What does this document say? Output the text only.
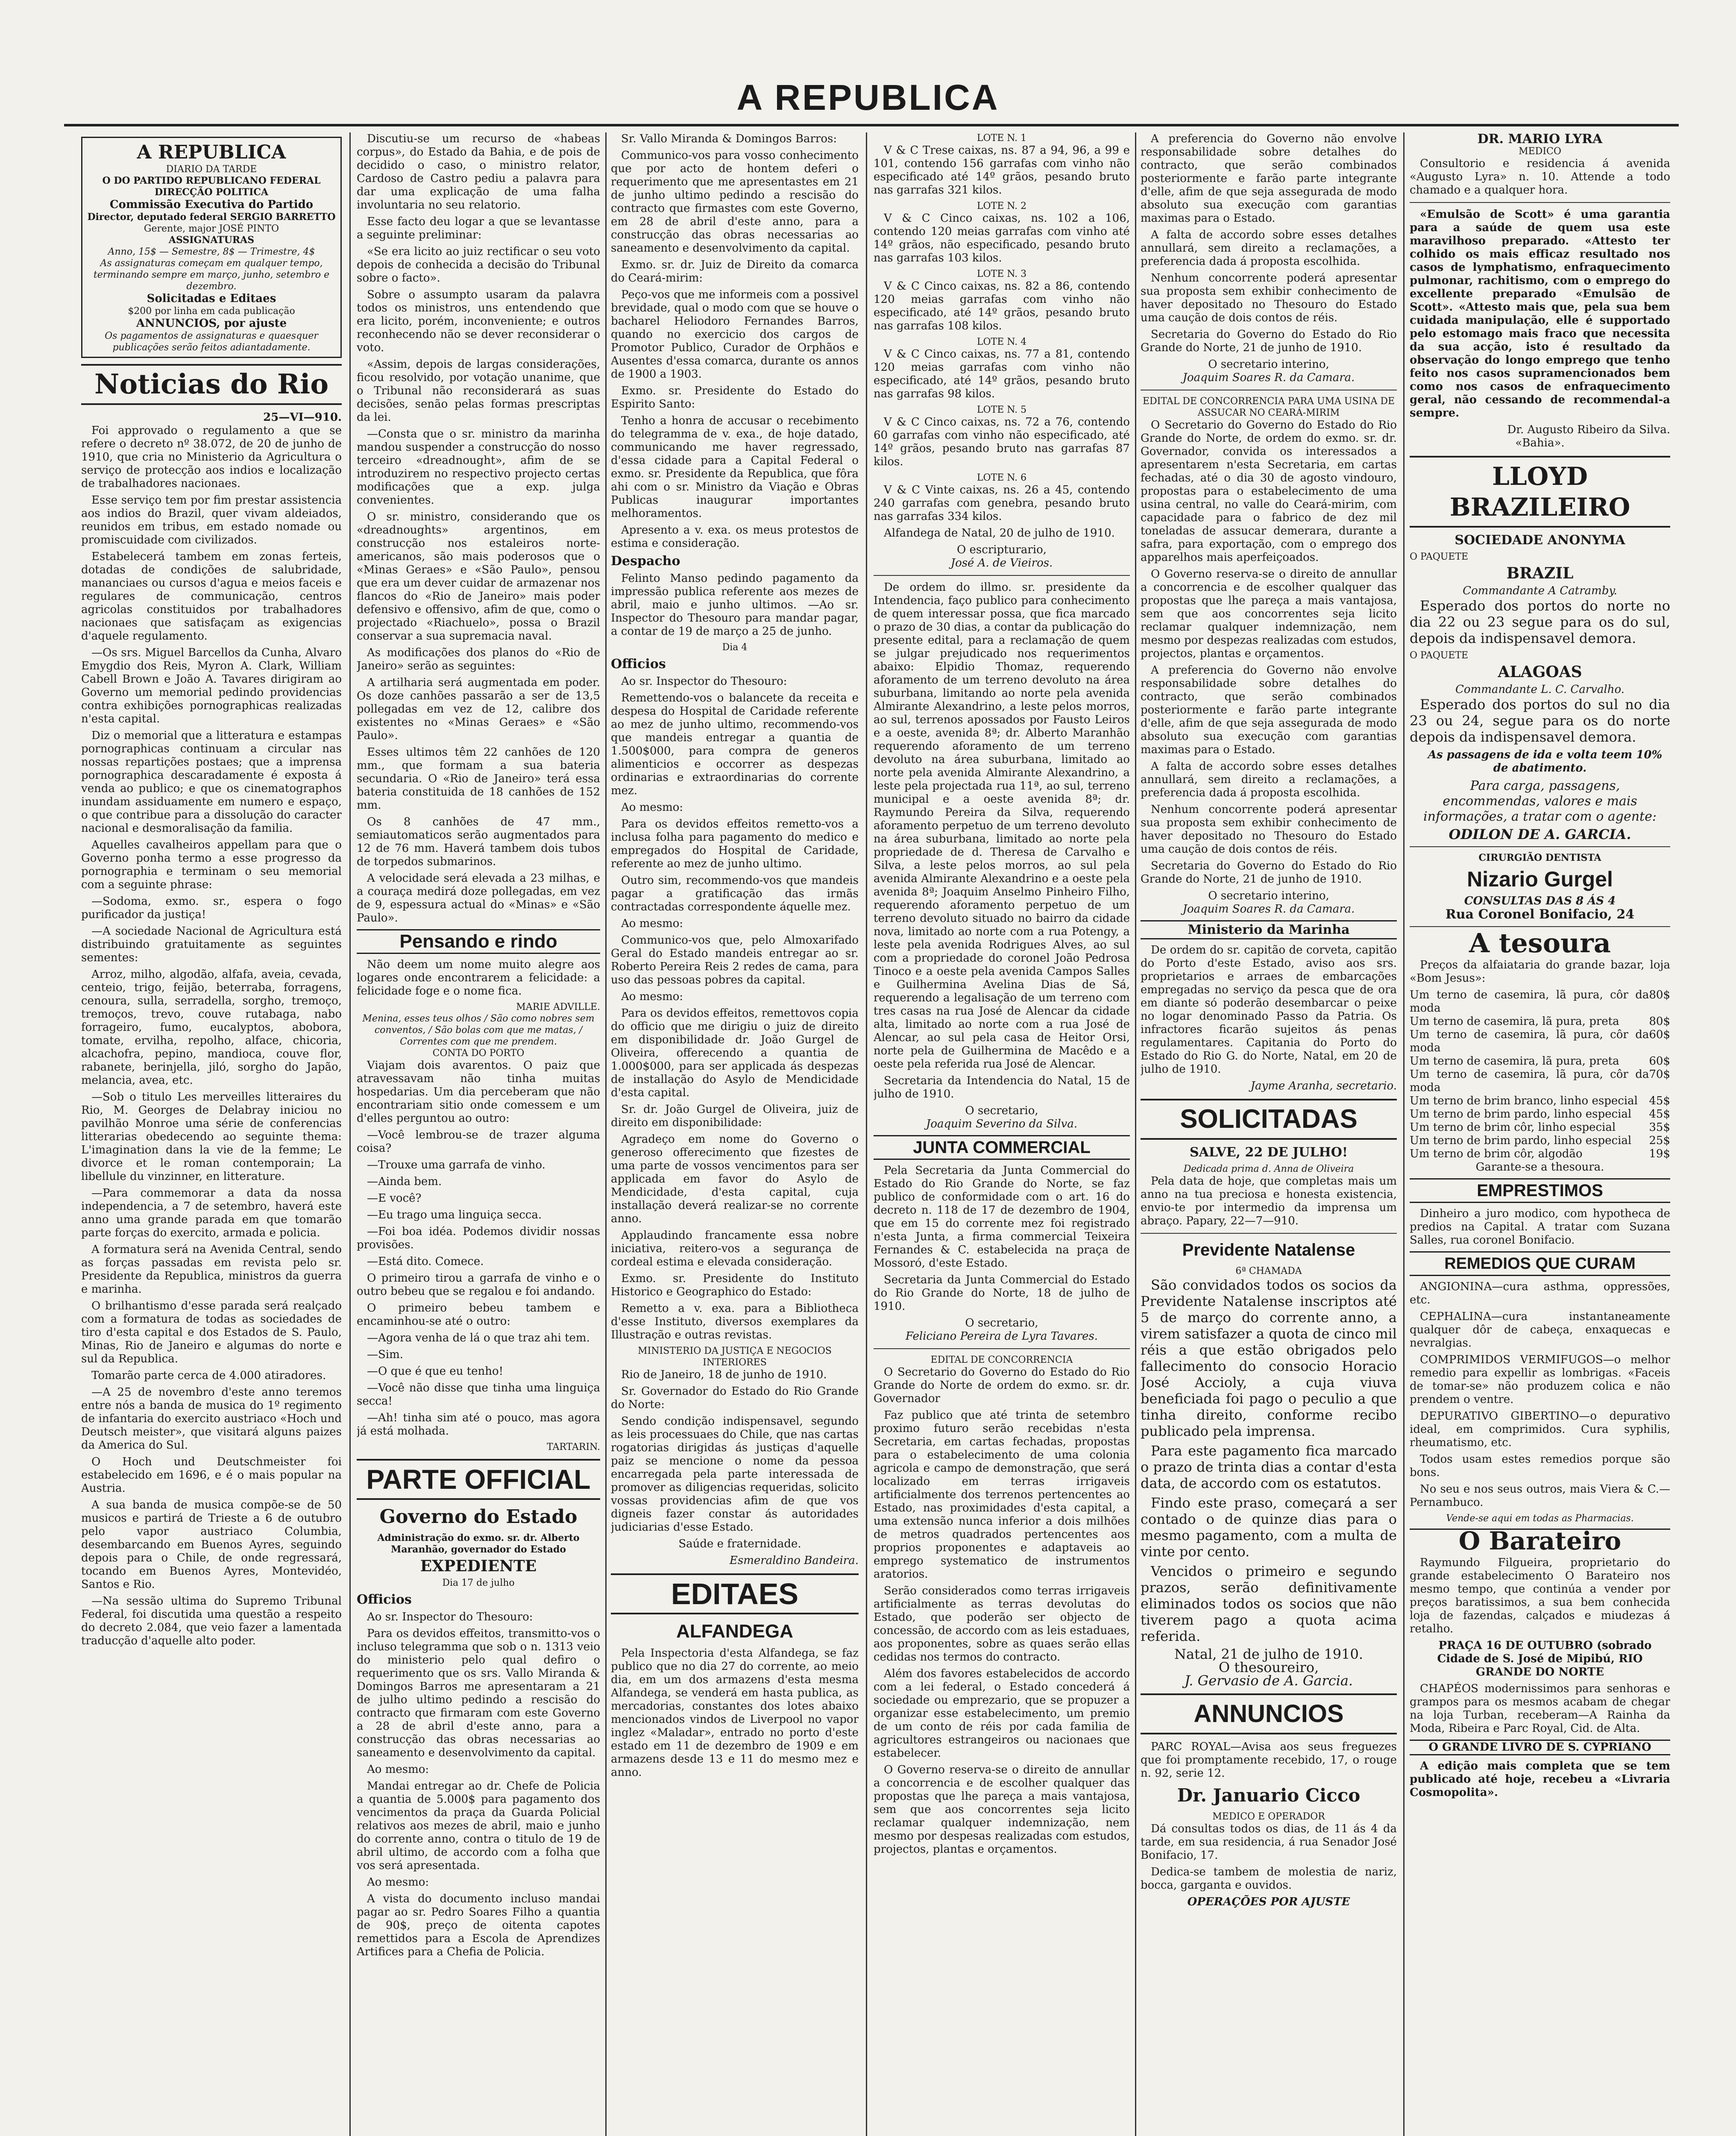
A REPUBLICA
A REPUBLICA
DIARIO DA TARDE
O DO PARTIDO REPUBLICANO FEDERAL
DIRECÇÃO POLITICA
Commissão Executiva do Partido
Director, deputado federal SERGIO BARRETTO
Gerente, major JOSÉ PINTO
ASSIGNATURAS
Anno, 15$ — Semestre, 8$ — Trimestre, 4$
As assignaturas começam em qualquer tempo, terminando sempre em março, junho, setembro e dezembro.
Solicitadas e Editaes
$200 por linha em cada publicação
ANNUNCIOS, por ajuste
Os pagamentos de assignaturas e quaesquer publicações serão feitos adiantadamente.
Noticias do Rio
25—VI—910.

Foi approvado o regulamento a que se refere o decreto nº 38.072, de 20 de junho de 1910, que cria no Ministerio da Agricultura o serviço de protecção aos indios e localização de trabalhadores nacionaes.

Esse serviço tem por fim prestar assistencia aos indios do Brazil, quer vivam aldeiados, reunidos em tribus, em estado nomade ou promiscuidade com civilizados.

Estabelecerá tambem em zonas ferteis, dotadas de condições de salubridade, mananciaes ou cursos d'agua e meios faceis e regulares de communicação, centros agricolas constituidos por trabalhadores nacionaes que satisfaçam as exigencias d'aquele regulamento.

—Os srs. Miguel Barcellos da Cunha, Alvaro Emygdio dos Reis, Myron A. Clark, William Cabell Brown e João A. Tavares dirigiram ao Governo um memorial pedindo providencias contra exhibições pornographicas realizadas n'esta capital.

Diz o memorial que a litteratura e estampas pornographicas continuam a circular nas nossas repartições postaes; que a imprensa pornographica descaradamente é exposta á venda ao publico; e que os cinematographos inundam assiduamente em numero e espaço, o que contribue para a dissolução do caracter nacional e desmoralisação da familia.

Aquelles cavalheiros appellam para que o Governo ponha termo a esse progresso da pornographia e terminam o seu memorial com a seguinte phrase:

—Sodoma, exmo. sr., espera o fogo purificador da justiça!

—A sociedade Nacional de Agricultura está distribuindo gratuitamente as seguintes sementes:

Arroz, milho, algodão, alfafa, aveia, cevada, centeio, trigo, feijão, beterraba, forragens, cenoura, sulla, serradella, sorgho, tremoço, tremoços, trevo, couve rutabaga, nabo forrageiro, fumo, eucalyptos, abobora, tomate, ervilha, repolho, alface, chicoria, alcachofra, pepino, mandioca, couve flor, rabanete, berinjella, jiló, sorgho do Japão, melancia, avea, etc.

—Sob o titulo Les merveilles litteraires du Rio, M. Georges de Delabray iniciou no pavilhão Monroe uma série de conferencias litterarias obedecendo ao seguinte thema: L'imagination dans la vie de la femme; Le divorce et le roman contemporain; La libellule du vinzinner, en litterature.

—Para commemorar a data da nossa independencia, a 7 de setembro, haverá este anno uma grande parada em que tomarão parte forças do exercito, armada e policia.

A formatura será na Avenida Central, sendo as forças passadas em revista pelo sr. Presidente da Republica, ministros da guerra e marinha.

O brilhantismo d'esse parada será realçado com a formatura de todas as sociedades de tiro d'esta capital e dos Estados de S. Paulo, Minas, Rio de Janeiro e algumas do norte e sul da Republica.

Tomarão parte cerca de 4.000 atiradores.

—A 25 de novembro d'este anno teremos entre nós a banda de musica do 1º regimento de infantaria do exercito austriaco «Hoch und Deutsch meister», que visitará alguns paizes da America do Sul.

O Hoch und Deutschmeister foi estabelecido em 1696, e é o mais popular na Austria.

A sua banda de musica compõe-se de 50 musicos e partirá de Trieste a 6 de outubro pelo vapor austriaco Columbia, desembarcando em Buenos Ayres, seguindo depois para o Chile, de onde regressará, tocando em Buenos Ayres, Montevidéo, Santos e Rio.

—Na sessão ultima do Supremo Tribunal Federal, foi discutida uma questão a respeito do decreto 2.084, que veio fazer a lamentada traducção d'aquelle alto poder.

Discutiu-se um recurso de «habeas corpus», do Estado da Bahia, e de pois de decidido o caso, o ministro relator, Cardoso de Castro pediu a palavra para dar uma explicação de uma falha involuntaria no seu relatorio.

Esse facto deu logar a que se levantasse a seguinte preliminar:

«Se era licito ao juiz rectificar o seu voto depois de conhecida a decisão do Tribunal sobre o facto».

Sobre o assumpto usaram da palavra todos os ministros, uns entendendo que era licito, porém, inconveniente; e outros reconhecendo não se dever reconsiderar o voto.

«Assim, depois de largas considerações, ficou resolvido, por votação unanime, que o Tribunal não reconsiderará as suas decisões, senão pelas formas prescriptas da lei.

—Consta que o sr. ministro da marinha mandou suspender a construcção do nosso terceiro «dreadnought», afim de se introduzirem no respectivo projecto certas modificações que a exp. julga convenientes.

O sr. ministro, considerando que os «dreadnoughts» argentinos, em construcção nos estaleiros norte-americanos, são mais poderosos que o «Minas Geraes» e «São Paulo», pensou que era um dever cuidar de armazenar nos flancos do «Rio de Janeiro» mais poder defensivo e offensivo, afim de que, como o projectado «Riachuelo», possa o Brazil conservar a sua supremacia naval.

As modificações dos planos do «Rio de Janeiro» serão as seguintes:

A artilharia será augmentada em poder. Os doze canhões passarão a ser de 13,5 pollegadas em vez de 12, calibre dos existentes no «Minas Geraes» e «São Paulo».

Esses ultimos têm 22 canhões de 120 mm., que formam a sua bateria secundaria. O «Rio de Janeiro» terá essa bateria constituida de 18 canhões de 152 mm.

Os 8 canhões de 47 mm., semiautomaticos serão augmentados para 12 de 76 mm. Haverá tambem dois tubos de torpedos submarinos.

A velocidade será elevada a 23 milhas, e a couraça medirá doze pollegadas, em vez de 9, espessura actual do «Minas» e «São Paulo».

Pensando e rindo

Não deem um nome muito alegre aos logares onde encontrarem a felicidade: a felicidade foge e o nome fica.

MARIE ADVILLE.
Menina, esses teus olhos / São como nobres sem conventos, / São bolas com que me matas, / Correntes com que me prendem.
CONTA DO PORTO

Viajam dois avarentos. O paiz que atravessavam não tinha muitas hospedarias. Um dia perceberam que não encontrariam sitio onde comessem e um d'elles perguntou ao outro:

—Você lembrou-se de trazer alguma coisa?

—Trouxe uma garrafa de vinho.

—Ainda bem.

—E você?

—Eu trago uma linguiça secca.

—Foi boa idéa. Podemos dividir nossas provisões.

—Está dito. Comece.

O primeiro tirou a garrafa de vinho e o outro bebeu que se regalou e foi andando.

O primeiro bebeu tambem e encaminhou-se até o outro:

—Agora venha de lá o que traz ahi tem.

—Sim.

—O que é que eu tenho!

—Você não disse que tinha uma linguiça secca!

—Ah! tinha sim até o pouco, mas agora já está molhada.

TARTARIN.
PARTE OFFICIAL
Governo do Estado
Administração do exmo. sr. dr. Alberto Maranhão, governador do Estado
EXPEDIENTE
Dia 17 de julho
Officios

Ao sr. Inspector do Thesouro:

Para os devidos effeitos, transmitto-vos o incluso telegramma que sob o n. 1313 veio do ministerio pelo qual defiro o requerimento que os srs. Vallo Miranda & Domingos Barros me apresentaram a 21 de julho ultimo pedindo a rescisão do contracto que firmaram com este Governo a 28 de abril d'este anno, para a construcção das obras necessarias ao saneamento e desenvolvimento da capital.

Ao mesmo:

Mandai entregar ao dr. Chefe de Policia a quantia de 5.000$ para pagamento dos vencimentos da praça da Guarda Policial relativos aos mezes de abril, maio e junho do corrente anno, contra o titulo de 19 de abril ultimo, de accordo com a folha que vos será apresentada.

Ao mesmo:

A vista do documento incluso mandai pagar ao sr. Pedro Soares Filho a quantia de 90$, preço de oitenta capotes remettidos para a Escola de Aprendizes Artifices para a Chefia de Policia.

Sr. Vallo Miranda & Domingos Barros:

Communico-vos para vosso conhecimento que por acto de hontem deferi o requerimento que me apresentastes em 21 de junho ultimo pedindo a rescisão do contracto que firmastes com este Governo, em 28 de abril d'este anno, para a construcção das obras necessarias ao saneamento e desenvolvimento da capital.

Exmo. sr. dr. Juiz de Direito da comarca do Ceará-mirim:

Peço-vos que me informeis com a possivel brevidade, qual o modo com que se houve o bacharel Heliodoro Fernandes Barros, quando no exercicio dos cargos de Promotor Publico, Curador de Orphãos e Ausentes d'essa comarca, durante os annos de 1900 a 1903.

Exmo. sr. Presidente do Estado do Espirito Santo:

Tenho a honra de accusar o recebimento do telegramma de v. exa., de hoje datado, communicando me haver regressado, d'essa cidade para a Capital Federal o exmo. sr. Presidente da Republica, que fôra ahi com o sr. Ministro da Viação e Obras Publicas inaugurar importantes melhoramentos.

Apresento a v. exa. os meus protestos de estima e consideração.

Despacho

Felinto Manso pedindo pagamento da impressão publica referente aos mezes de abril, maio e junho ultimos. —Ao sr. Inspector do Thesouro para mandar pagar, a contar de 19 de março a 25 de junho.

Dia 4
Officios

Ao sr. Inspector do Thesouro:

Remettendo-vos o balancete da receita e despesa do Hospital de Caridade referente ao mez de junho ultimo, recommendo-vos que mandeis entregar a quantia de 1.500$000, para compra de generos alimenticios e occorrer as despezas ordinarias e extraordinarias do corrente mez.

Ao mesmo:

Para os devidos effeitos remetto-vos a inclusa folha para pagamento do medico e empregados do Hospital de Caridade, referente ao mez de junho ultimo.

Outro sim, recommendo-vos que mandeis pagar a gratificação das irmãs contractadas correspondente áquelle mez.

Ao mesmo:

Communico-vos que, pelo Almoxarifado Geral do Estado mandeis entregar ao sr. Roberto Pereira Reis 2 redes de cama, para uso das pessoas pobres da capital.

Ao mesmo:

Para os devidos effeitos, remettovos copia do officio que me dirigiu o juiz de direito em disponibilidade dr. João Gurgel de Oliveira, offerecendo a quantia de 1.000$000, para ser applicada ás despezas de installação do Asylo de Mendicidade d'esta capital.

Sr. dr. João Gurgel de Oliveira, juiz de direito em disponibilidade:

Agradeço em nome do Governo o generoso offerecimento que fizestes de uma parte de vossos vencimentos para ser applicada em favor do Asylo de Mendicidade, d'esta capital, cuja installação deverá realizar-se no corrente anno.

Applaudindo francamente essa nobre iniciativa, reitero-vos a segurança de cordeal estima e elevada consideração.

Exmo. sr. Presidente do Instituto Historico e Geographico do Estado:

Remetto a v. exa. para a Bibliotheca d'esse Instituto, diversos exemplares da Illustração e outras revistas.

MINISTERIO DA JUSTIÇA E NEGOCIOS INTERIORES

Rio de Janeiro, 18 de junho de 1910.

Sr. Governador do Estado do Rio Grande do Norte:

Sendo condição indispensavel, segundo as leis processuaes do Chile, que nas cartas rogatorias dirigidas ás justiças d'aquelle paiz se mencione o nome da pessoa encarregada pela parte interessada de promover as diligencias requeridas, solicito vossas providencias afim de que vos digneis fazer constar ás autoridades judiciarias d'esse Estado.

Saúde e fraternidade.

Esmeraldino Bandeira.
EDITAES
ALFANDEGA

Pela Inspectoria d'esta Alfandega, se faz publico que no dia 27 do corrente, ao meio dia, em um dos armazens d'esta mesma Alfandega, se venderá em hasta publica, as mercadorias, constantes dos lotes abaixo mencionados vindos de Liverpool no vapor inglez «Maladar», entrado no porto d'este estado em 11 de dezembro de 1909 e em armazens desde 13 e 11 do mesmo mez e anno.

LOTE N. 1

V & C Trese caixas, ns. 87 a 94, 96, a 99 e 101, contendo 156 garrafas com vinho não especificado até 14º grãos, pesando bruto nas garrafas 321 kilos.

LOTE N. 2

V & C Cinco caixas, ns. 102 a 106, contendo 120 meias garrafas com vinho até 14º grãos, não especificado, pesando bruto nas garrafas 103 kilos.

LOTE N. 3

V & C Cinco caixas, ns. 82 a 86, contendo 120 meias garrafas com vinho não especificado, até 14º grãos, pesando bruto nas garrafas 108 kilos.

LOTE N. 4

V & C Cinco caixas, ns. 77 a 81, contendo 120 meias garrafas com vinho não especificado, até 14º grãos, pesando bruto nas garrafas 98 kilos.

LOTE N. 5

V & C Cinco caixas, ns. 72 a 76, contendo 60 garrafas com vinho não especificado, até 14º grãos, pesando bruto nas garrafas 87 kilos.

LOTE N. 6

V & C Vinte caixas, ns. 26 a 45, contendo 240 garrafas com genebra, pesando bruto nas garrafas 334 kilos.

Alfandega de Natal, 20 de julho de 1910.

O escripturario,
José A. de Vieiros.

De ordem do illmo. sr. presidente da Intendencia, faço publico para conhecimento de quem interessar possa, que fica marcado o prazo de 30 dias, a contar da publicação do presente edital, para a reclamação de quem se julgar prejudicado nos requerimentos abaixo: Elpidio Thomaz, requerendo aforamento de um terreno devoluto na área suburbana, limitando ao norte pela avenida Almirante Alexandrino, a leste pelos morros, ao sul, terrenos apossados por Fausto Leiros e a oeste, avenida 8ª; dr. Alberto Maranhão requerendo aforamento de um terreno devoluto na área suburbana, limitado ao norte pela avenida Almirante Alexandrino, a leste pela projectada rua 11ª, ao sul, terreno municipal e a oeste avenida 8ª; dr. Raymundo Pereira da Silva, requerendo aforamento perpetuo de um terreno devoluto na área suburbana, limitado ao norte pela propriedade de d. Theresa de Carvalho e Silva, a leste pelos morros, ao sul pela avenida Almirante Alexandrino e a oeste pela avenida 8ª; Joaquim Anselmo Pinheiro Filho, requerendo aforamento perpetuo de um terreno devoluto situado no bairro da cidade nova, limitado ao norte com a rua Potengy, a leste pela avenida Rodrigues Alves, ao sul com a propriedade do coronel João Pedrosa Tinoco e a oeste pela avenida Campos Salles e Guilhermina Avelina Dias de Sá, requerendo a legalisação de um terreno com tres casas na rua José de Alencar da cidade alta, limitado ao norte com a rua José de Alencar, ao sul pela casa de Heitor Orsi, norte pela de Guilhermina de Macêdo e a oeste pela referida rua José de Alencar.

Secretaria da Intendencia do Natal, 15 de julho de 1910.

O secretario,
Joaquim Severino da Silva.
JUNTA COMMERCIAL

Pela Secretaria da Junta Commercial do Estado do Rio Grande do Norte, se faz publico de conformidade com o art. 16 do decreto n. 118 de 17 de dezembro de 1904, que em 15 do corrente mez foi registrado n'esta Junta, a firma commercial Teixeira Fernandes & C. estabelecida na praça de Mossoró, d'este Estado.

Secretaria da Junta Commercial do Estado do Rio Grande do Norte, 18 de julho de 1910.

O secretario,
Feliciano Pereira de Lyra Tavares.
EDITAL DE CONCORRENCIA

O Secretario do Governo do Estado do Rio Grande do Norte de ordem do exmo. sr. dr. Governador

Faz publico que até trinta de setembro proximo futuro serão recebidas n'esta Secretaria, em cartas fechadas, propostas para o estabelecimento de uma colonia agricola e campo de demonstração, que será localizado em terras irrigaveis artificialmente dos terrenos pertencentes ao Estado, nas proximidades d'esta capital, a uma extensão nunca inferior a dois milhões de metros quadrados pertencentes aos proprios proponentes e adaptaveis ao emprego systematico de instrumentos aratorios.

Serão considerados como terras irrigaveis artificialmente as terras devolutas do Estado, que poderão ser objecto de concessão, de accordo com as leis estaduaes, aos proponentes, sobre as quaes serão ellas cedidas nos termos do contracto.

Além dos favores estabelecidos de accordo com a lei federal, o Estado concederá á sociedade ou emprezario, que se propuzer a organizar esse estabelecimento, um premio de um conto de réis por cada familia de agricultores estrangeiros ou nacionaes que estabelecer.

O Governo reserva-se o direito de annullar a concorrencia e de escolher qualquer das propostas que lhe pareça a mais vantajosa, sem que aos concorrentes seja licito reclamar qualquer indemnização, nem mesmo por despesas realizadas com estudos, projectos, plantas e orçamentos.

A preferencia do Governo não envolve responsabilidade sobre detalhes do contracto, que serão combinados posteriormente e farão parte integrante d'elle, afim de que seja assegurada de modo absoluto sua execução com garantias maximas para o Estado.

A falta de accordo sobre esses detalhes annullará, sem direito a reclamações, a preferencia dada á proposta escolhida.

Nenhum concorrente poderá apresentar sua proposta sem exhibir conhecimento de haver depositado no Thesouro do Estado uma caução de dois contos de réis.

Secretaria do Governo do Estado do Rio Grande do Norte, 21 de junho de 1910.

O secretario interino,
Joaquim Soares R. da Camara.
EDITAL DE CONCORRENCIA PARA UMA USINA DE ASSUCAR NO CEARÁ-MIRIM

O Secretario do Governo do Estado do Rio Grande do Norte, de ordem do exmo. sr. dr. Governador, convida os interessados a apresentarem n'esta Secretaria, em cartas fechadas, até o dia 30 de agosto vindouro, propostas para o estabelecimento de uma usina central, no valle do Ceará-mirim, com capacidade para o fabrico de dez mil toneladas de assucar demerara, durante a safra, para exportação, com o emprego dos apparelhos mais aperfeiçoados.

O Governo reserva-se o direito de annullar a concorrencia e de escolher qualquer das propostas que lhe pareça a mais vantajosa, sem que aos concorrentes seja licito reclamar qualquer indemnização, nem mesmo por despezas realizadas com estudos, projectos, plantas e orçamentos.

A preferencia do Governo não envolve responsabilidade sobre detalhes do contracto, que serão combinados posteriormente e farão parte integrante d'elle, afim de que seja assegurada de modo absoluto sua execução com garantias maximas para o Estado.

A falta de accordo sobre esses detalhes annullará, sem direito a reclamações, a preferencia dada á proposta escolhida.

Nenhum concorrente poderá apresentar sua proposta sem exhibir conhecimento de haver depositado no Thesouro do Estado uma caução de dois contos de réis.

Secretaria do Governo do Estado do Rio Grande do Norte, 21 de junho de 1910.

O secretario interino,
Joaquim Soares R. da Camara.
Ministerio da Marinha

De ordem do sr. capitão de corveta, capitão do Porto d'este Estado, aviso aos srs. proprietarios e arraes de embarcações empregadas no serviço da pesca que de ora em diante só poderão desembarcar o peixe no logar denominado Passo da Patria. Os infractores ficarão sujeitos ás penas regulamentares. Capitania do Porto do Estado do Rio G. do Norte, Natal, em 20 de julho de 1910.

Jayme Aranha, secretario.
SOLICITADAS
SALVE, 22 DE JULHO!
Dedicada prima d. Anna de Oliveira

Pela data de hoje, que completas mais um anno na tua preciosa e honesta existencia, envio-te por intermedio da imprensa um abraço. Papary, 22—7—910.

Previdente Natalense
6ª CHAMADA

São convidados todos os socios da Previdente Natalense inscriptos até 5 de março do corrente anno, a virem satisfazer a quota de cinco mil réis a que estão obrigados pelo fallecimento do consocio Horacio José Accioly, a cuja viuva beneficiada foi pago o peculio a que tinha direito, conforme recibo publicado pela imprensa.

Para este pagamento fica marcado o prazo de trinta dias a contar d'esta data, de accordo com os estatutos.

Findo este praso, começará a ser contado o de quinze dias para o mesmo pagamento, com a multa de vinte por cento.

Vencidos o primeiro e segundo prazos, serão definitivamente eliminados todos os socios que não tiverem pago a quota acima referida.

Natal, 21 de julho de 1910.
O thesoureiro,
J. Gervasio de A. Garcia.
ANNUNCIOS

PARC ROYAL—Avisa aos seus freguezes que foi promptamente recebido, 17, o rouge n. 92, serie 12.

Dr. Januario Cicco
MEDICO E OPERADOR

Dá consultas todos os dias, de 11 ás 4 da tarde, em sua residencia, á rua Senador José Bonifacio, 17.

Dedica-se tambem de molestia de nariz, bocca, garganta e ouvidos.

OPERAÇÕES POR AJUSTE
DR. MARIO LYRA
MEDICO

Consultorio e residencia á avenida «Augusto Lyra» n. 10. Attende a todo chamado e a qualquer hora.

«Emulsão de Scott» é uma garantia para a saúde de quem usa este maravilhoso preparado. «Attesto ter colhido os mais efficaz resultado nos casos de lymphatismo, enfraquecimento pulmonar, rachitismo, com o emprego do excellente preparado «Emulsão de Scott». «Attesto mais que, pela sua bem cuidada manipulação, elle é supportado pelo estomago mais fraco que necessita da sua acção, isto é resultado da observação do longo emprego que tenho feito nos casos supramencionados bem como nos casos de enfraquecimento geral, não cessando de recommendal-a sempre.

Dr. Augusto Ribeiro da Silva.
«Bahia».
LLOYD BRAZILEIRO
SOCIEDADE ANONYMA
O PAQUETE
BRAZIL
Commandante A Catramby.

Esperado dos portos do norte no dia 22 ou 23 segue para os do sul, depois da indispensavel demora.

O PAQUETE
ALAGOAS
Commandante L. C. Carvalho.

Esperado dos portos do sul no dia 23 ou 24, segue para os do norte depois da indispensavel demora.

As passagens de ida e volta teem 10% de abatimento.

Para carga, passagens, encommendas, valores e mais informações, a tratar com o agente:

ODILON DE A. GARCIA.
CIRURGIÃO DENTISTA
Nizario Gurgel
CONSULTAS DAS 8 ÁS 4
Rua Coronel Bonifacio, 24
A tesoura

Preços da alfaiataria do grande bazar, loja «Bom Jesus»:

Um terno de casemira, lã pura, côr da moda
80$
Um terno de casemira, lã pura, preta	80$
Um terno de casemira, lã pura, côr da moda
60$
Um terno de casemira, lã pura, preta	60$
Um terno de casemira, lã pura, côr da moda
70$
Um terno de brim branco, linho especial 45$
Um terno de brim pardo, linho especial 45$
Um terno de brim côr, linho especial	35$
Um terno de brim pardo, linho especial 25$
Um terno de brim côr, algodão	19$
Garante-se a thesoura.
EMPRESTIMOS

Dinheiro a juro modico, com hypotheca de predios na Capital. A tratar com Suzana Salles, rua coronel Bonifacio.

REMEDIOS QUE CURAM

ANGIONINA—cura asthma, oppressões, etc.

CEPHALINA—cura instantaneamente qualquer dôr de cabeça, enxaquecas e nevralgias.

COMPRIMIDOS VERMIFUGOS—o melhor remedio para expellir as lombrigas. «Faceis de tomar-se» não produzem colica e não prendem o ventre.

DEPURATIVO GIBERTINO—o depurativo ideal, em comprimidos. Cura syphilis, rheumatismo, etc.

Todos usam estes remedios porque são bons.

No seu e nos seus outros, mais Viera & C.—Pernambuco.

Vende-se aqui em todas as Pharmacias.
O Barateiro

Raymundo Filgueira, proprietario do grande estabelecimento O Barateiro nos mesmo tempo, que continúa a vender por preços baratissimos, a sua bem conhecida loja de fazendas, calçados e miudezas á retalho.

PRAÇA 16 DE OUTUBRO (sobrado Cidade de S. José de Mipibú, RIO GRANDE DO NORTE

CHAPÉOS modernissimos para senhoras e grampos para os mesmos acabam de chegar na loja Turban, receberam—A Rainha da Moda, Ribeira e Parc Royal, Cid. de Alta.

O GRANDE LIVRO DE S. CYPRIANO

A edição mais completa que se tem publicado até hoje, recebeu a «Livraria Cosmopolita».
